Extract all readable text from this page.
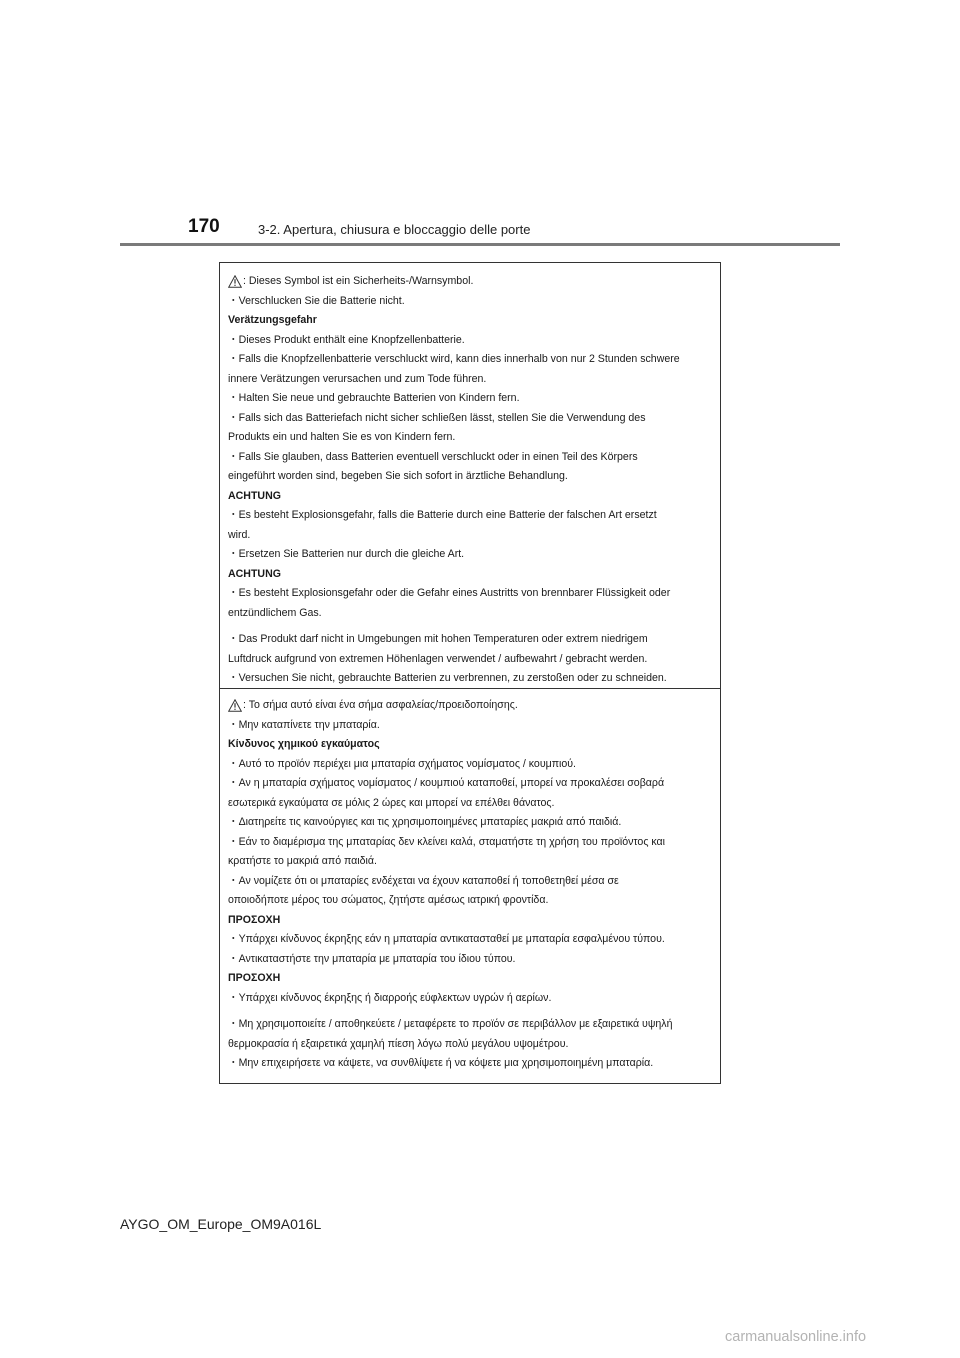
170	3-2. Apertura, chiusura e bloccaggio delle porte
: Dieses Symbol ist ein Sicherheits-/Warnsymbol.
・Verschlucken Sie die Batterie nicht.
Verätzungsgefahr
・Dieses Produkt enthält eine Knopfzellenbatterie.
・Falls die Knopfzellenbatterie verschluckt wird, kann dies innerhalb von nur 2 Stunden schwere
innere Verätzungen verursachen und zum Tode führen.
・Halten Sie neue und gebrauchte Batterien von Kindern fern.
・Falls sich das Batteriefach nicht sicher schließen lässt, stellen Sie die Verwendung des
Produkts ein und halten Sie es von Kindern fern.
・Falls Sie glauben, dass Batterien eventuell verschluckt oder in einen Teil des Körpers
eingeführt worden sind, begeben Sie sich sofort in ärztliche Behandlung.
ACHTUNG
・Es besteht Explosionsgefahr, falls die Batterie durch eine Batterie der falschen Art ersetzt
wird.
・Ersetzen Sie Batterien nur durch die gleiche Art.
ACHTUNG
・Es besteht Explosionsgefahr oder die Gefahr eines Austritts von brennbarer Flüssigkeit oder
entzündlichem Gas.
・Das Produkt darf nicht in Umgebungen mit hohen Temperaturen oder extrem niedrigem
Luftdruck aufgrund von extremen Höhenlagen verwendet / aufbewahrt / gebracht werden.
・Versuchen Sie nicht, gebrauchte Batterien zu verbrennen, zu zerstoßen oder zu schneiden.
: Το σήμα αυτό είναι ένα σήμα ασφαλείας/προειδοποίησης.
・Μην καταπίνετε την μπαταρία.
Κίνδυνος χημικού εγκαύματος
・Αυτό το προϊόν περιέχει μια μπαταρία σχήματος νομίσματος / κουμπιού.
・Αν η μπαταρία σχήματος νομίσματος / κουμπιού καταποθεί, μπορεί να προκαλέσει σοβαρά
εσωτερικά εγκαύματα σε μόλις 2 ώρες και μπορεί να επέλθει θάνατος.
・Διατηρείτε τις καινούργιες και τις χρησιμοποιημένες μπαταρίες μακριά από παιδιά.
・Εάν το διαμέρισμα της μπαταρίας δεν κλείνει καλά, σταματήστε τη χρήση του προϊόντος και
κρατήστε το μακριά από παιδιά.
・Αν νομίζετε ότι οι μπαταρίες ενδέχεται να έχουν καταποθεί ή τοποθετηθεί μέσα σε
οποιοδήποτε μέρος του σώματος, ζητήστε αμέσως ιατρική φροντίδα.
ΠΡΟΣΟΧΗ
・Υπάρχει κίνδυνος έκρηξης εάν η μπαταρία αντικατασταθεί με μπαταρία εσφαλμένου τύπου.
・Αντικαταστήστε την μπαταρία με μπαταρία του ίδιου τύπου.
ΠΡΟΣΟΧΗ
・Υπάρχει κίνδυνος έκρηξης ή διαρροής εύφλεκτων υγρών ή αερίων.
・Μη χρησιμοποιείτε / αποθηκεύετε / μεταφέρετε το προϊόν σε περιβάλλον με εξαιρετικά υψηλή
θερμοκρασία ή εξαιρετικά χαμηλή πίεση λόγω πολύ μεγάλου υψομέτρου.
・Μην επιχειρήσετε να κάψετε, να συνθλίψετε ή να κόψετε μια χρησιμοποιημένη μπαταρία.
AYGO_OM_Europe_OM9A016L
carmanualsonline.info
